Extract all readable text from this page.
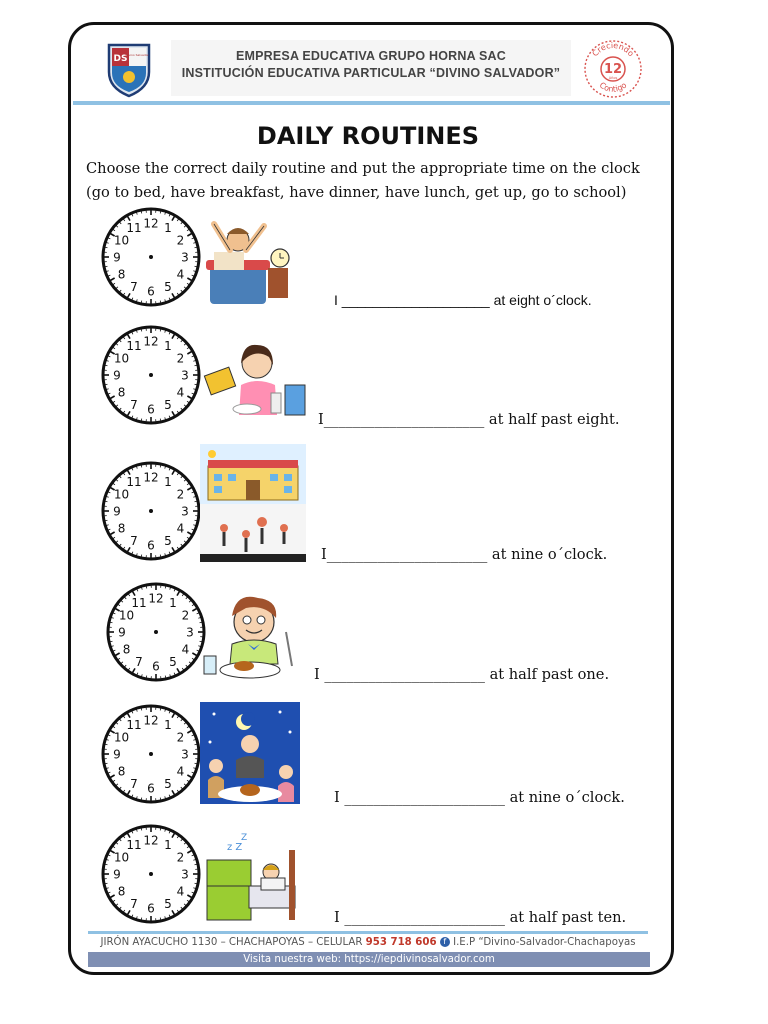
DS
Divino Salvador	EMPRESA EDUCATIVA GRUPO HORNA SAC
INSTITUCIÓN EDUCATIVA PARTICULAR “DIVINO SALVADOR”
Creciendo
12
Años
Contigo
DAILY ROUTINES
Choose the correct daily routine and put the appropriate time on the clock
(go to bed, have breakfast, have dinner, have lunch, get up, go to school)
12 1
2
3
4
5
6
7
8
9
10
11
12 1
2
3
4
5
6
7
8
9
10
11
12 1
2
3
4
5
6
7
8
9
10
11
12 1
2
3
4
5
6
7
8
9
10
11
12 1
2
3
4
5
6
7
8
9
10
11
12 1
2
3
4
5
6
7
8
9
10
11	z Z
Z
I ___________________ at eight o´clock.
I______________________ at half past eight.
I______________________ at nine o´clock.
I ______________________ at half past one.
I ______________________ at nine o´clock.
I ______________________ at half past ten.
JIRÓN AYACUCHO 1130 – CHACHAPOYAS – CELULAR 953 718 606 f I.E.P “Divino-Salvador-Chachapoyas
Visita nuestra web: https://iepdivinosalvador.com
